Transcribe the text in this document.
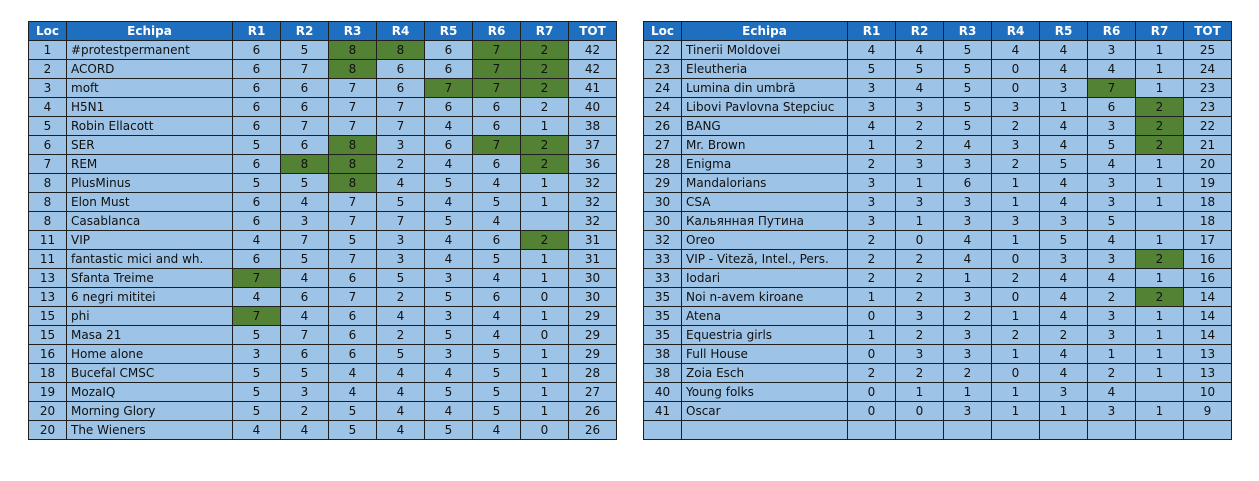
Loc	Echipa	R1	R2	R3	R4	R5	R6	R7	TOT
1	#protestpermanent	6	5	8	8	6	7	2	42
2	ACORD	6	7	8	6	6	7	2	42
3	moft	6	6	7	6	7	7	2	41
4	H5N1	6	6	7	7	6	6	2	40
5	Robin Ellacott	6	7	7	7	4	6	1	38
6	SER	5	6	8	3	6	7	2	37
7	REM	6	8	8	2	4	6	2	36
8	PlusMinus	5	5	8	4	5	4	1	32
8	Elon Must	6	4	7	5	4	5	1	32
8	Casablanca	6	3	7	7	5	4		32
11	VIP	4	7	5	3	4	6	2	31
11	fantastic mici and wh.	6	5	7	3	4	5	1	31
13	Sfanta Treime	7	4	6	5	3	4	1	30
13	6 negri mititei	4	6	7	2	5	6	0	30
15	phi	7	4	6	4	3	4	1	29
15	Masa 21	5	7	6	2	5	4	0	29
16	Home alone	3	6	6	5	3	5	1	29
18	Bucefal CMSC	5	5	4	4	4	5	1	28
19	MozaIQ	5	3	4	4	5	5	1	27
20	Morning Glory	5	2	5	4	4	5	1	26
20	The Wieners	4	4	5	4	5	4	0	26
Loc	Echipa	R1	R2	R3	R4	R5	R6	R7	TOT
22	Tinerii Moldovei	4	4	5	4	4	3	1	25
23	Eleutheria	5	5	5	0	4	4	1	24
24	Lumina din umbră	3	4	5	0	3	7	1	23
24	Libovi Pavlovna Stepciuc	3	3	5	3	1	6	2	23
26	BANG	4	2	5	2	4	3	2	22
27	Mr. Brown	1	2	4	3	4	5	2	21
28	Enigma	2	3	3	2	5	4	1	20
29	Mandalorians	3	1	6	1	4	3	1	19
30	CSA	3	3	3	1	4	3	1	18
30	Кальянная Путина	3	1	3	3	3	5		18
32	Oreo	2	0	4	1	5	4	1	17
33	VIP - Viteză, Intel., Pers.	2	2	4	0	3	3	2	16
33	Iodari	2	2	1	2	4	4	1	16
35	Noi n-avem kiroane	1	2	3	0	4	2	2	14
35	Atena	0	3	2	1	4	3	1	14
35	Equestria girls	1	2	3	2	2	3	1	14
38	Full House	0	3	3	1	4	1	1	13
38	Zoia Esch	2	2	2	0	4	2	1	13
40	Young folks	0	1	1	1	3	4		10
41	Oscar	0	0	3	1	1	3	1	9
